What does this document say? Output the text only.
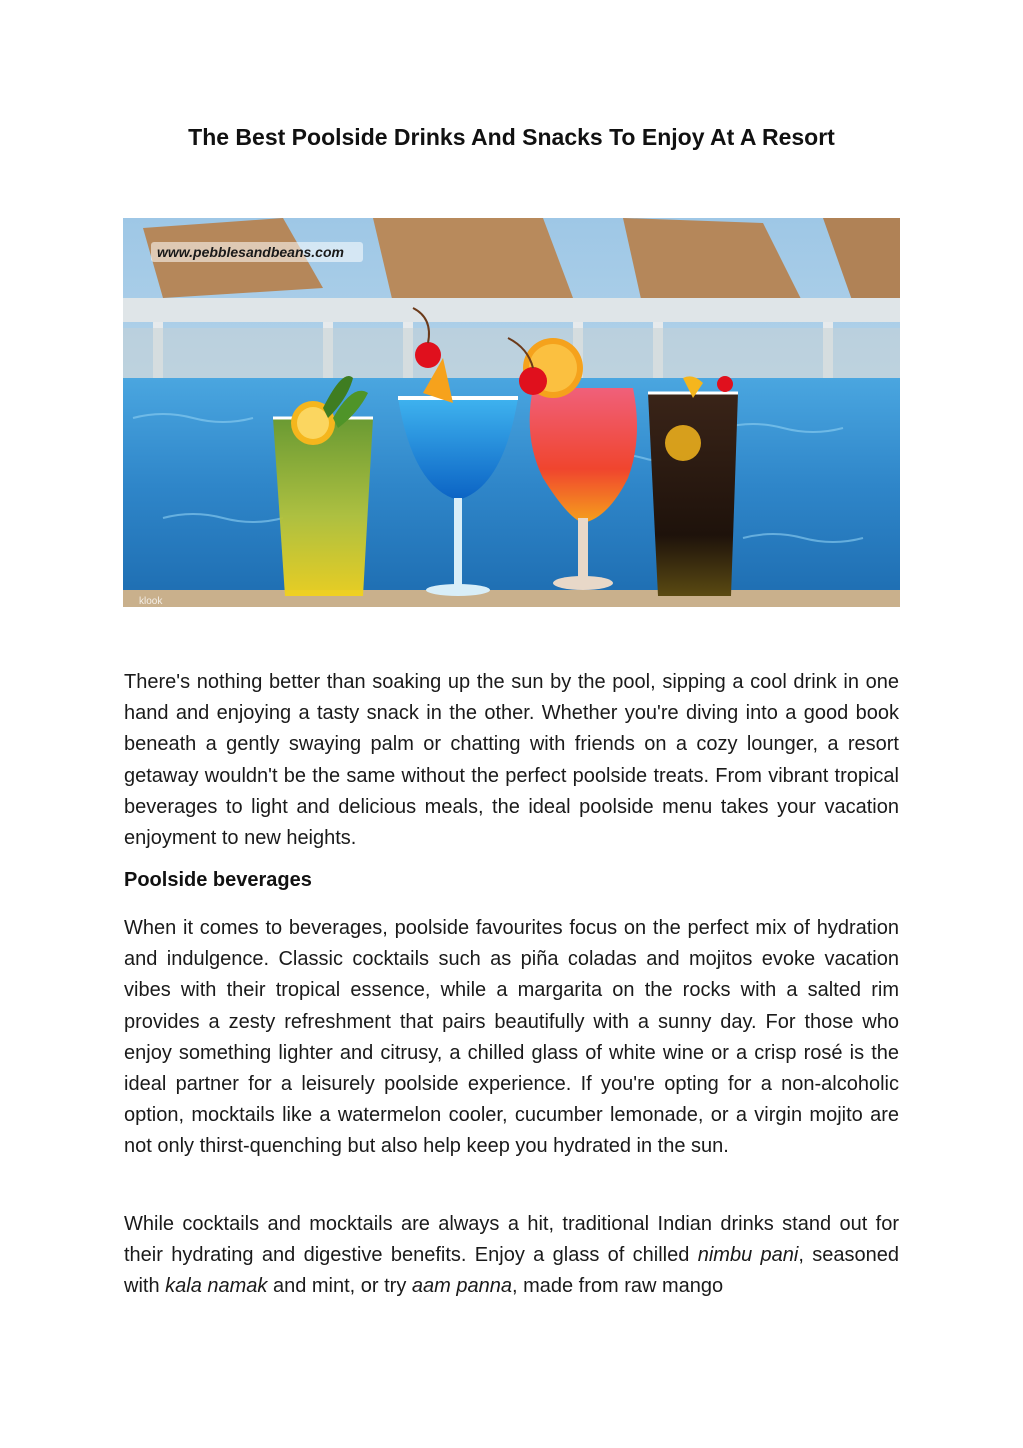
The Best Poolside Drinks And Snacks To Enjoy At A Resort
www.pebblesandbeans.com
klook

There's nothing better than soaking up the sun by the pool, sipping a cool drink in one hand and enjoying a tasty snack in the other. Whether you're diving into a good book beneath a gently swaying palm or chatting with friends on a cozy lounger, a resort getaway wouldn't be the same without the perfect poolside treats. From vibrant tropical beverages to light and delicious meals, the ideal poolside menu takes your vacation enjoyment to new heights.

Poolside beverages

When it comes to beverages, poolside favourites focus on the perfect mix of hydration and indulgence. Classic cocktails such as piña coladas and mojitos evoke vacation vibes with their tropical essence, while a margarita on the rocks with a salted rim provides a zesty refreshment that pairs beautifully with a sunny day. For those who enjoy something lighter and citrusy, a chilled glass of white wine or a crisp rosé is the ideal partner for a leisurely poolside experience. If you're opting for a non-alcoholic option, mocktails like a watermelon cooler, cucumber lemonade, or a virgin mojito are not only thirst-quenching but also help keep you hydrated in the sun.

While cocktails and mocktails are always a hit, traditional Indian drinks stand out for their hydrating and digestive benefits. Enjoy a glass of chilled nimbu pani, seasoned with kala namak and mint, or try aam panna, made from raw mango
